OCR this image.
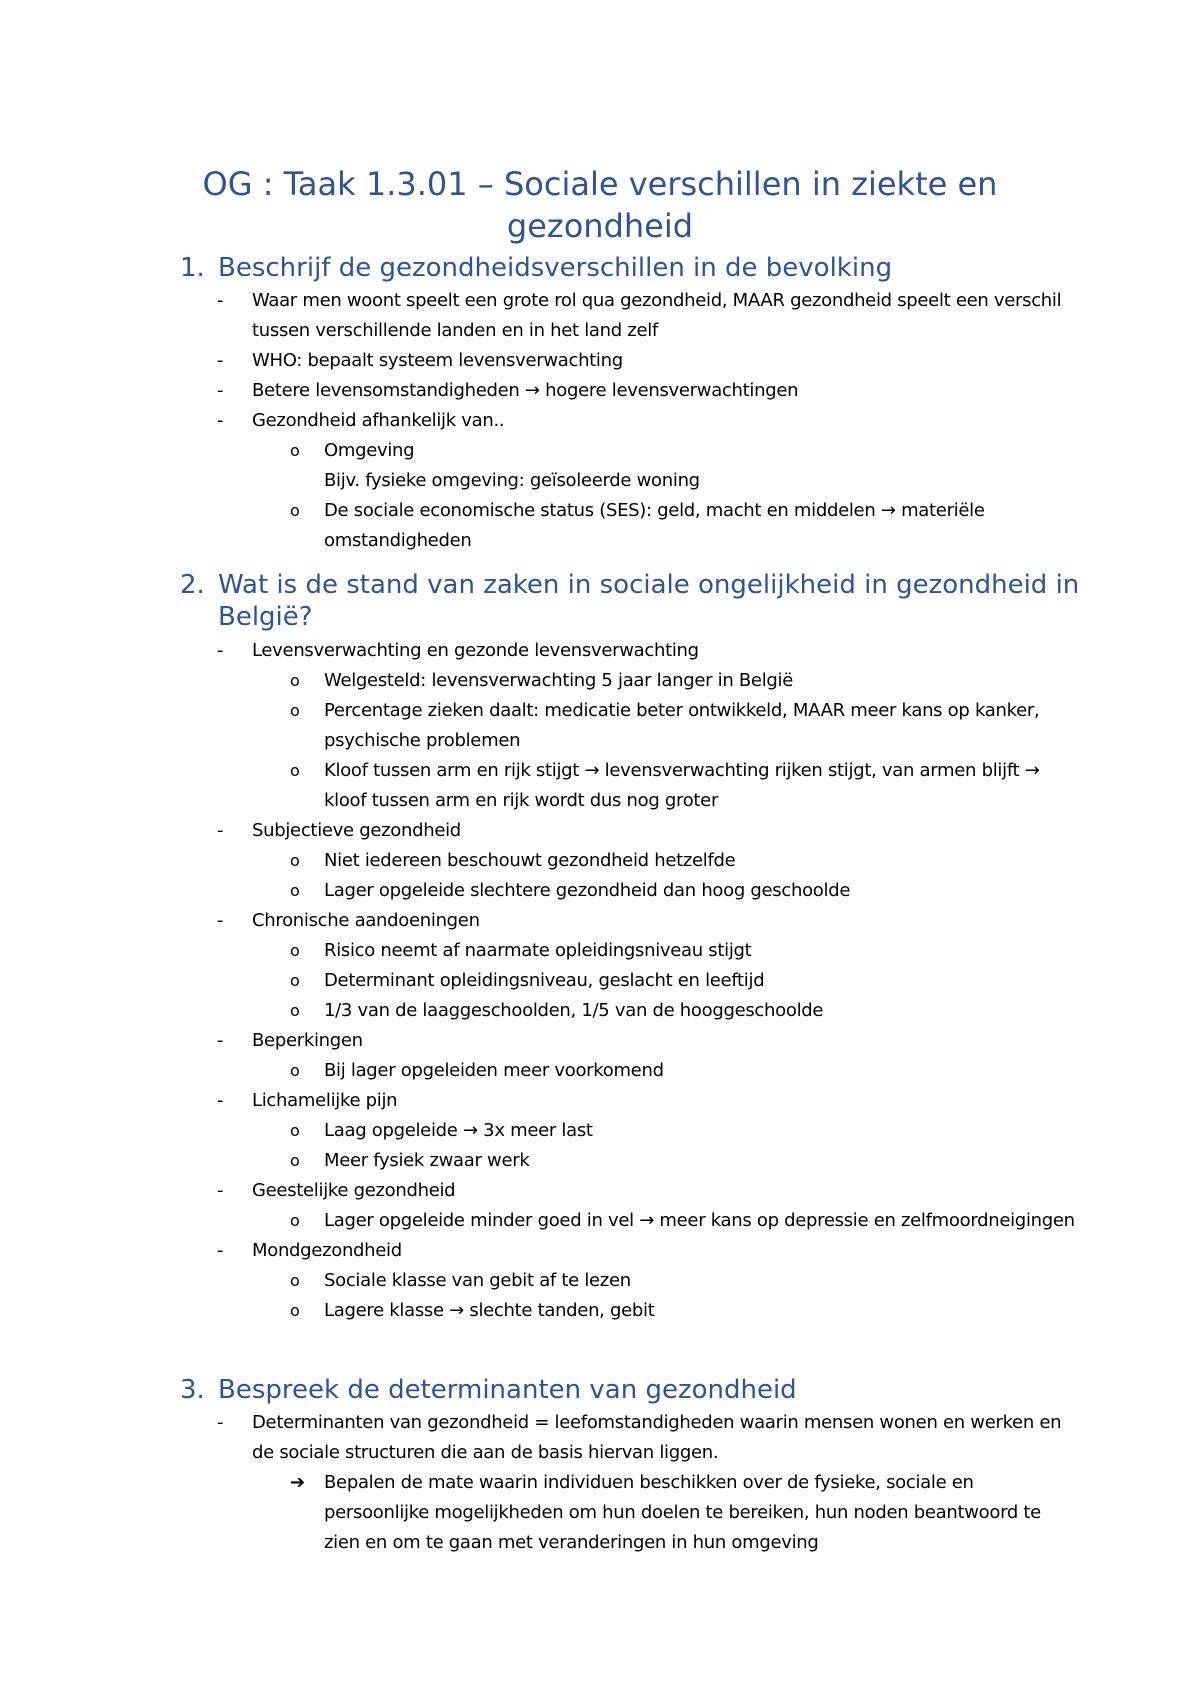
OG : Taak 1.3.01 – Sociale verschillen in ziekte en gezondheid
1. Beschrijf de gezondheidsverschillen in de bevolking
- Waar men woont speelt een grote rol qua gezondheid, MAAR gezondheid speelt een verschil tussen verschillende landen en in het land zelf
- WHO: bepaalt systeem levensverwachting
- Betere levensomstandigheden → hogere levensverwachtingen
- Gezondheid afhankelijk van..
o Omgeving
Bijv. fysieke omgeving: geïsoleerde woning
o De sociale economische status (SES): geld, macht en middelen → materiële omstandigheden
2. Wat is de stand van zaken in sociale ongelijkheid in gezondheid in België?
- Levensverwachting en gezonde levensverwachting
o Welgesteld: levensverwachting 5 jaar langer in België
o Percentage zieken daalt: medicatie beter ontwikkeld, MAAR meer kans op kanker, psychische problemen
o Kloof tussen arm en rijk stijgt → levensverwachting rijken stijgt, van armen blijft → kloof tussen arm en rijk wordt dus nog groter
- Subjectieve gezondheid
o Niet iedereen beschouwt gezondheid hetzelfde
o Lager opgeleide slechtere gezondheid dan hoog geschoolde
- Chronische aandoeningen
o Risico neemt af naarmate opleidingsniveau stijgt
o Determinant opleidingsniveau, geslacht en leeftijd
o 1/3 van de laaggeschoolden, 1/5 van de hooggeschoolde
- Beperkingen
o Bij lager opgeleiden meer voorkomend
- Lichamelijke pijn
o Laag opgeleide → 3x meer last
o Meer fysiek zwaar werk
- Geestelijke gezondheid
o Lager opgeleide minder goed in vel → meer kans op depressie en zelfmoordneigingen
- Mondgezondheid
o Sociale klasse van gebit af te lezen
o Lagere klasse → slechte tanden, gebit
3. Bespreek de determinanten van gezondheid
- Determinanten van gezondheid = leefomstandigheden waarin mensen wonen en werken en de sociale structuren die aan de basis hiervan liggen.
➔ Bepalen de mate waarin individuen beschikken over de fysieke, sociale en persoonlijke mogelijkheden om hun doelen te bereiken, hun noden beantwoord te zien en om te gaan met veranderingen in hun omgeving
